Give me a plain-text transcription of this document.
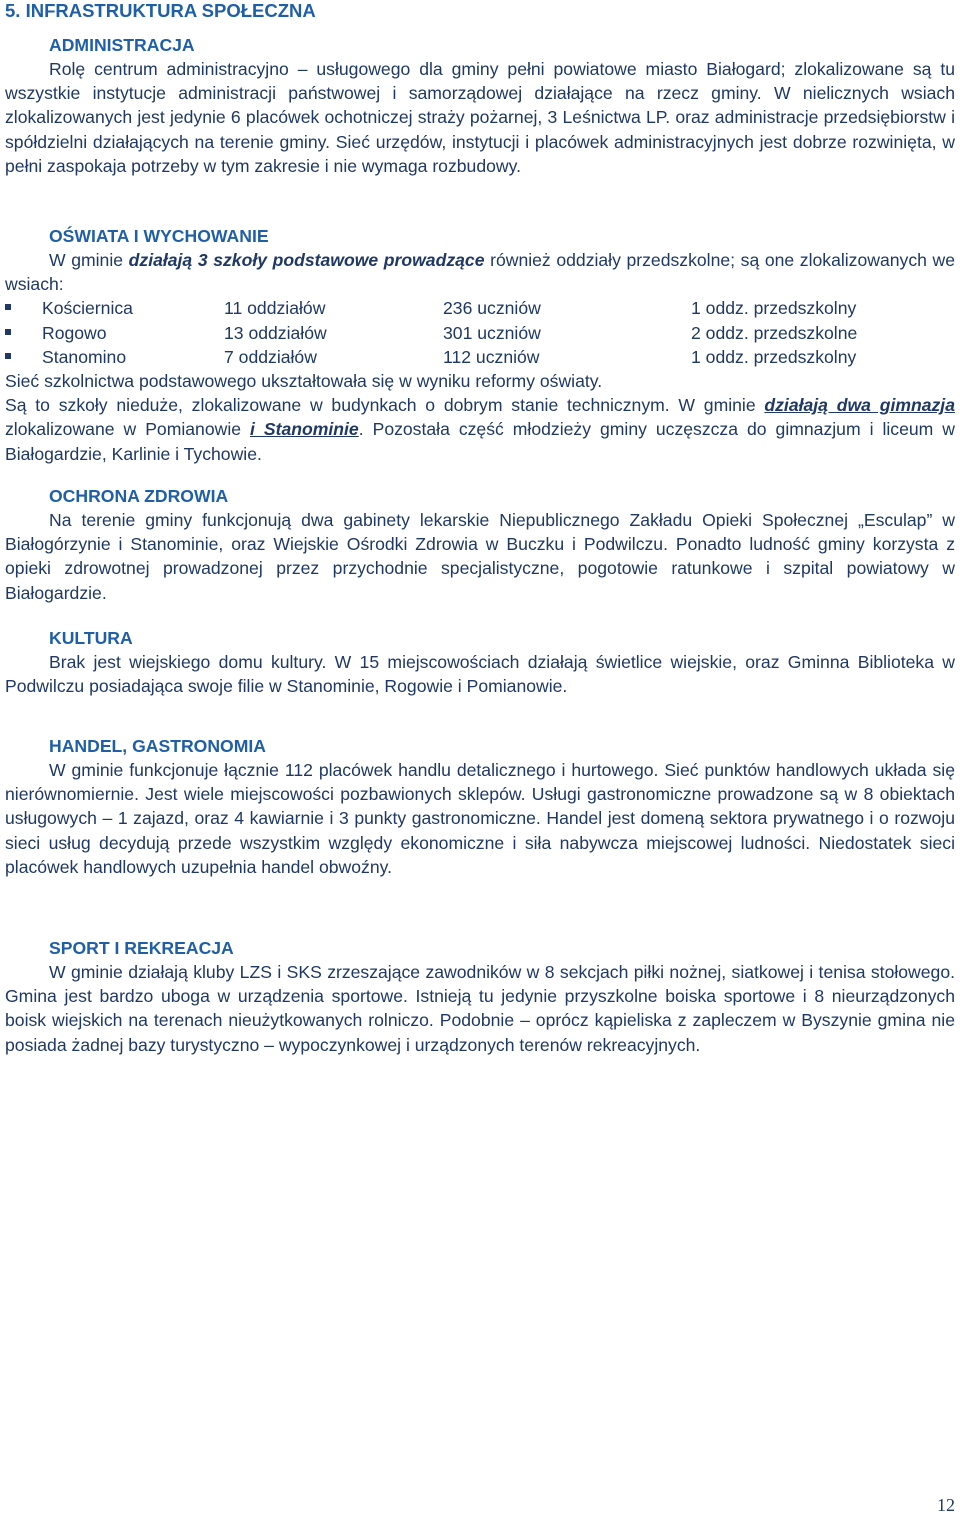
5. INFRASTRUKTURA SPOŁECZNA
ADMINISTRACJA

Rolę centrum administracyjno – usługowego dla gminy pełni powiatowe miasto Białogard; zlokalizowane są tu wszystkie instytucje administracji państwowej i samorządowej działające na rzecz gminy. W nielicznych wsiach zlokalizowanych jest jedynie 6 placówek ochotniczej straży pożarnej, 3 Leśnictwa LP. oraz administracje przedsiębiorstw i spółdzielni działających na terenie gminy. Sieć urzędów, instytucji i placówek administracyjnych jest dobrze rozwinięta, w pełni zaspokaja potrzeby w tym zakresie i nie wymaga rozbudowy.

OŚWIATA I WYCHOWANIE

W gminie działają 3 szkoły podstawowe prowadzące również oddziały przedszkolne; są one zlokalizowanych we wsiach:

Kościernica	11 oddziałów	236 uczniów	1 oddz. przedszkolny
Rogowo	13 oddziałów	301 uczniów	2 oddz. przedszkolne
Stanomino	7 oddziałów	112 uczniów	1 oddz. przedszkolny

Sieć szkolnictwa podstawowego ukształtowała się w wyniku reformy oświaty.

Są to szkoły nieduże, zlokalizowane w budynkach o dobrym stanie technicznym. W gminie działają dwa gimnazja zlokalizowane w Pomianowie i Stanominie. Pozostała część młodzieży gminy uczęszcza do gimnazjum i liceum w Białogardzie, Karlinie i Tychowie.

OCHRONA ZDROWIA

Na terenie gminy funkcjonują dwa gabinety lekarskie Niepublicznego Zakładu Opieki Społecznej „Esculap” w Białogórzynie i Stanominie, oraz Wiejskie Ośrodki Zdrowia w Buczku i Podwilczu. Ponadto ludność gminy korzysta z opieki zdrowotnej prowadzonej przez przychodnie specjalistyczne, pogotowie ratunkowe i szpital powiatowy w Białogardzie.

KULTURA

Brak jest wiejskiego domu kultury. W 15 miejscowościach działają świetlice wiejskie, oraz Gminna Biblioteka w Podwilczu posiadająca swoje filie w Stanominie, Rogowie i Pomianowie.

HANDEL, GASTRONOMIA

W gminie funkcjonuje łącznie 112 placówek handlu detalicznego i hurtowego. Sieć punktów handlowych układa się nierównomiernie. Jest wiele miejscowości pozbawionych sklepów. Usługi gastronomiczne prowadzone są w 8 obiektach usługowych – 1 zajazd, oraz 4 kawiarnie i 3 punkty gastronomiczne. Handel jest domeną sektora prywatnego i o rozwoju sieci usług decydują przede wszystkim względy ekonomiczne i siła nabywcza miejscowej ludności. Niedostatek sieci placówek handlowych uzupełnia handel obwoźny.

SPORT I REKREACJA

W gminie działają kluby LZS i SKS zrzeszające zawodników w 8 sekcjach piłki nożnej, siatkowej i tenisa stołowego. Gmina jest bardzo uboga w urządzenia sportowe. Istnieją tu jedynie przyszkolne boiska sportowe i 8 nieurządzonych boisk wiejskich na terenach nieużytkowanych rolniczo. Podobnie – oprócz kąpieliska z zapleczem w Byszynie gmina nie posiada żadnej bazy turystyczno – wypoczynkowej i urządzonych terenów rekreacyjnych.

12
